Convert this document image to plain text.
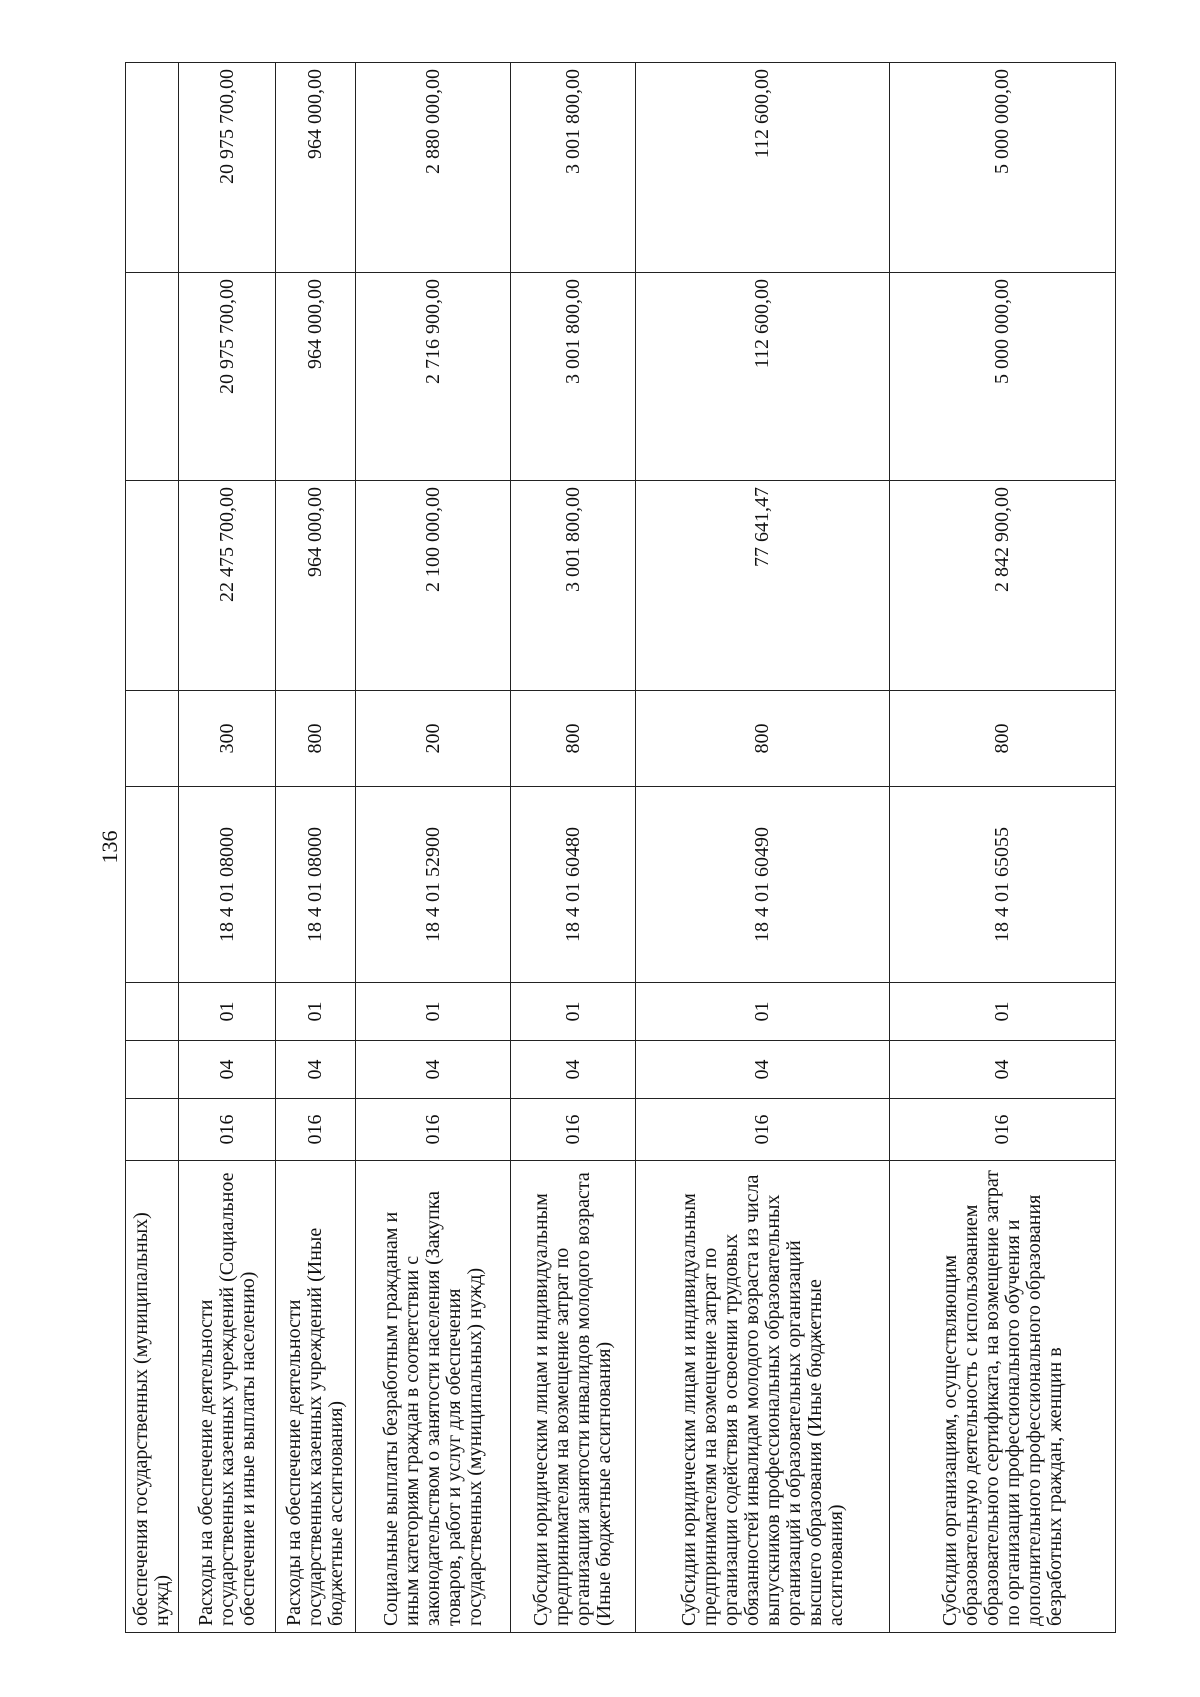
136
обеспечения государственных (муниципальных) нужд)								
Расходы на обеспечение деятельности государственных казенных учреждений (Социальное обеспечение и иные выплаты населению)	016	04	01	18 4 01 08000	300	22 475 700,00	20 975 700,00	20 975 700,00
Расходы на обеспечение деятельности государственных казенных учреждений (Иные бюджетные ассигнования)	016	04	01	18 4 01 08000	800	964 000,00	964 000,00	964 000,00
Социальные выплаты безработным гражданам и иным категориям граждан в соответствии с законодательством о занятости населения (Закупка товаров, работ и услуг для обеспечения государственных (муниципальных) нужд)	016	04	01	18 4 01 52900	200	2 100 000,00	2 716 900,00	2 880 000,00
Субсидии юридическим лицам и индивидуальным предпринимателям на возмещение затрат по организации занятости инвалидов молодого возраста (Иные бюджетные ассигнования)	016	04	01	18 4 01 60480	800	3 001 800,00	3 001 800,00	3 001 800,00
Субсидии юридическим лицам и индивидуальным предпринимателям на возмещение затрат по организации содействия в освоении трудовых обязанностей инвалидам молодого возраста из числа выпускников профессиональных образовательных организаций и образовательных организаций высшего образования (Иные бюджетные ассигнования)	016	04	01	18 4 01 60490	800	77 641,47	112 600,00	112 600,00
Субсидии организациям, осуществляющим образовательную деятельность с использованием образовательного сертификата, на возмещение затрат по организации профессионального обучения и дополнительного профессионального образования безработных граждан, женщин в	016	04	01	18 4 01 65055	800	2 842 900,00	5 000 000,00	5 000 000,00
